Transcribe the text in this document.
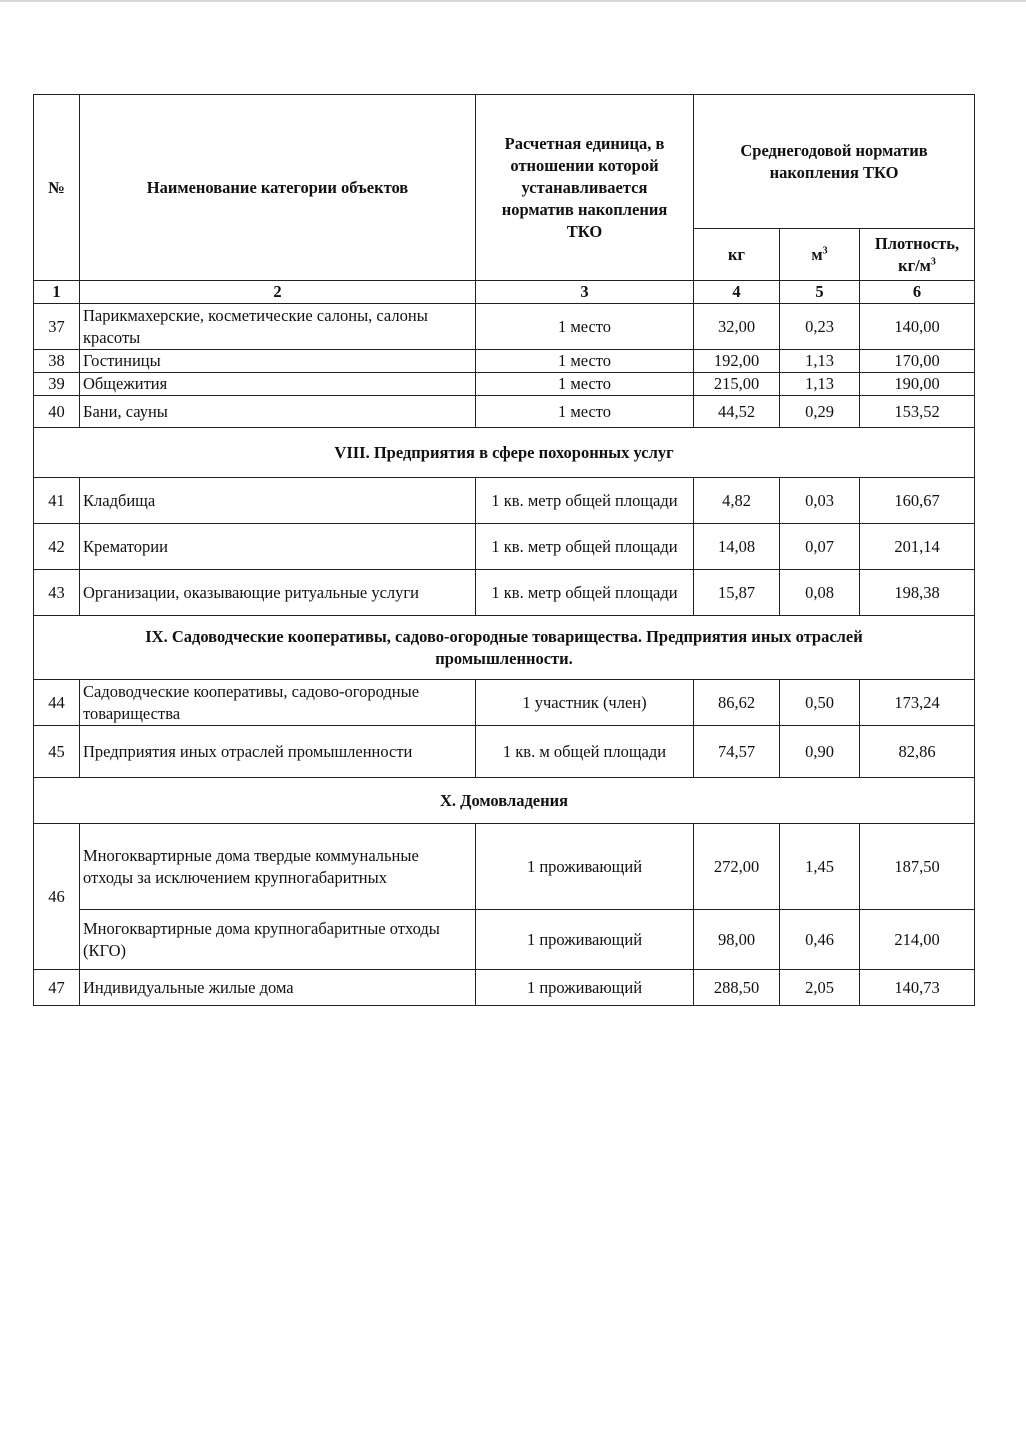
№	Наименование категории объектов	Расчетная единица, в отношении которой устанавливается норматив накопления ТКО	Среднегодовой норматив накопления ТКО		
			кг	$м^3$	Плотность,
$кг/м^3$
1	2	3	4	5	6
37	Парикмахерские, косметические салоны, салоны красоты	1 место	32,00	0,23	140,00
38	Гостиницы	1 место	192,00	1,13	170,00
39	Общежития	1 место	215,00	1,13	190,00
40	Бани, сауны	1 место	44,52	0,29	153,52
VIII. Предприятия в сфере похоронных услуг					
41	Кладбища	1 кв. метр общей площади	4,82	0,03	160,67
42	Крематории	1 кв. метр общей площади	14,08	0,07	201,14
43	Организации, оказывающие ритуальные услуги	1 кв. метр общей площади	15,87	0,08	198,38
IX. Садоводческие кооперативы, садово-огородные товарищества. Предприятия иных отраслей промышленности.					
44	Садоводческие кооперативы, садово-огородные товарищества	1 участник (член)	86,62	0,50	173,24
45	Предприятия иных отраслей промышленности	1 кв. м общей площади	74,57	0,90	82,86
X. Домовладения					
46	Многоквартирные дома твердые коммунальные отходы за исключением крупногабаритных	1 проживающий	272,00	1,45	187,50
	Многоквартирные дома крупногабаритные отходы (КГО)	1 проживающий	98,00	0,46	214,00
47	Индивидуальные жилые дома	1 проживающий	288,50	2,05	140,73
